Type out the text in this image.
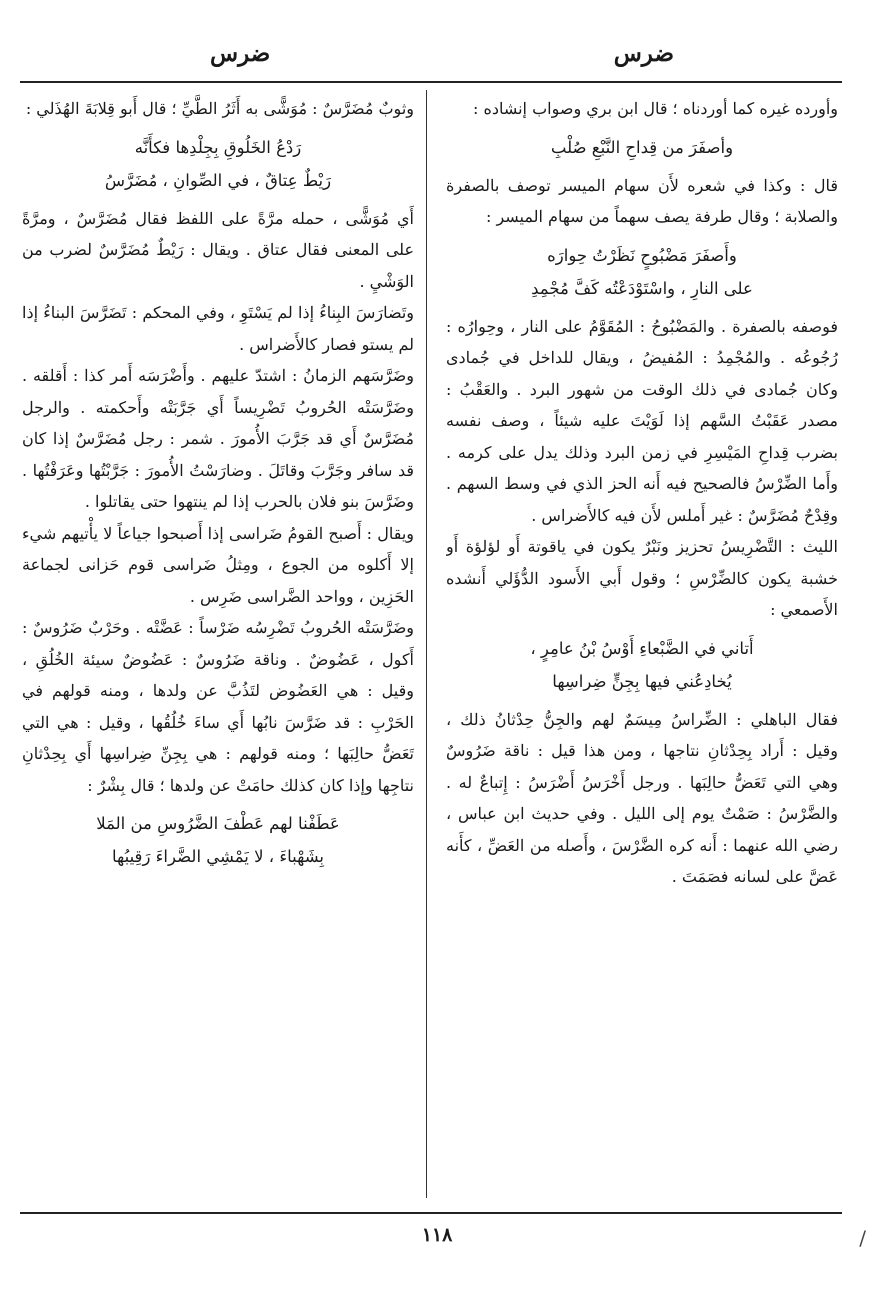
ضرس
ضرس

وأورده غيره كما أوردناه ؛ قال ابن بري وصواب إنشاده :

وأصفَرَ من قِداحِ النَّبْعِ صُلْبِ

قال : وكذا في شعره لأَن سهام الميسر توصف بالصفرة والصلابة ؛ وقال طرفة يصف سهماً من سهام الميسر :

وأَصفَرَ مَضْبُوحٍ نَظَرْتُ حِوارَه
على النارِ ، واسْتَوْدَعْتُه كَفَّ مُجْمِدِ

فوصفه بالصفرة . والمَضْبُوحُ : المُقَوَّمُ على النار ، وحِوارُه : رُجُوعُه . والمُجْمِدُ : المُفيضُ ، ويقال للداخل في جُمادى وكان جُمادى في ذلك الوقت من شهور البرد . والعَقْبُ : مصدر عَقَبْتُ السَّهم إذا لَوَيْتَ عليه شيئاً ، وصف نفسه بضرب قِداحِ المَيْسِرِ في زمن البرد وذلك يدل على كرمه . وأَما الضِّرْسُ فالصحيح فيه أَنه الحز الذي في وسط السهم . وقِدْحٌ مُضَرَّسٌ : غير أَملس لأَن فيه كالأَضراس .

الليث : التَّضْرِيسُ تحزيز ونَبْرٌ يكون في ياقوتة أَو لؤلؤة أَو خشبة يكون كالضِّرْسِ ؛ وقول أَبي الأَسود الدُّؤَلي أَنشده الأَصمعي :

أَتاني في الضَّبْعاءِ أَوْسُ بْنُ عامِرٍ ،
يُخادِعُني فيها بِجِنٍّ ضِراسِها

فقال الباهلي : الضِّراسُ مِيسَمٌ لهم والجِنُّ حِدْثانُ ذلك ، وقيل : أَراد بِحِدْثانِ نتاجها ، ومن هذا قيل : ناقة ضَرُوسٌ وهي التي تَعَضُّ حالِبَها . ورجل أَخْرَسُ أَضْرَسُ : إِتباعٌ له . والضَّرْسُ : صَمْتٌ يوم إلى الليل . وفي حديث ابن عباس ، رضي الله عنهما : أَنه كره الضَّرْسَ ، وأَصله من العَضِّ ، كأَنه عَضَّ على لسانه فصَمَتَ .

وثوبٌ مُضَرَّسٌ : مُوَشًّى به أَثَرُ الطَّيِّ ؛ قال أَبو قِلابَةَ الهُذَلي :

رَدْعُ الخَلُوقِ بِجِلْدِها فكأَنَّه
رَيْطٌ عِتاقٌ ، في الصِّوانِ ، مُضَرَّسُ

أَي مُوَشًّى ، حمله مرَّةً على اللفظ فقال مُضَرَّسٌ ، ومرَّةً على المعنى فقال عتاق . ويقال : رَيْطٌ مُضَرَّسٌ لضرب من الوَشْيِ .

وتَضارَسَ البِناءُ إذا لم يَسْتَوِ ، وفي المحكم : تَضَرَّسَ البناءُ إذا لم يستو فصار كالأَضراس .

وضَرَّسَهم الزمانُ : اشتدّ عليهم . وأَضْرَسَه أَمر كذا : أَقلقه . وضَرَّسَتْه الحُروبُ تَضْرِيساً أَي جَرَّبَتْه وأَحكمته . والرجل مُضَرَّسٌ أَي قد جَرَّبَ الأُمورَ . شمر : رجل مُضَرَّسٌ إذا كان قد سافر وجَرَّبَ وقاتَلَ . وضارَسْتُ الأُمورَ : جَرَّبْتُها وعَرَفْتُها . وضَرَّسَ بنو فلان بالحرب إذا لم ينتهوا حتى يقاتلوا .

ويقال : أَصبح القومُ ضَراسى إذا أَصبحوا جياعاً لا يأْتيهم شيء إلا أَكلوه من الجوع ، ومِثلُ ضَراسى قوم حَزانى لجماعة الحَزِين ، وواحد الضَّراسى ضَرِس .

وضَرَّسَتْه الحُروبُ تَضْرِسُه ضَرْساً : عَضَّتْه . وحَرْبٌ ضَرُوسٌ : أَكول ، عَضُوضٌ . وناقة ضَرُوسٌ : عَضُوضٌ سيئة الخُلُقِ ، وقيل : هي العَضُوض لتَذُبَّ عن ولدها ، ومنه قولهم في الحَرْبِ : قد ضَرَّسَ نابُها أَي ساءَ خُلُقُها ، وقيل : هي التي تَعَضُّ حالِبَها ؛ ومنه قولهم : هي بِجِنِّ ضِراسِها أَي بِحِدْثانِ نتاجِها وإذا كان كذلك حامَتْ عن ولدها ؛ قال بِشْرٌ :

عَطَفْنا لهم عَطْفَ الضَّرُوسِ من المَلا
بِشَهْباءَ ، لا يَمْشِي الضَّراءَ رَقِيبُها
١١٨	/
